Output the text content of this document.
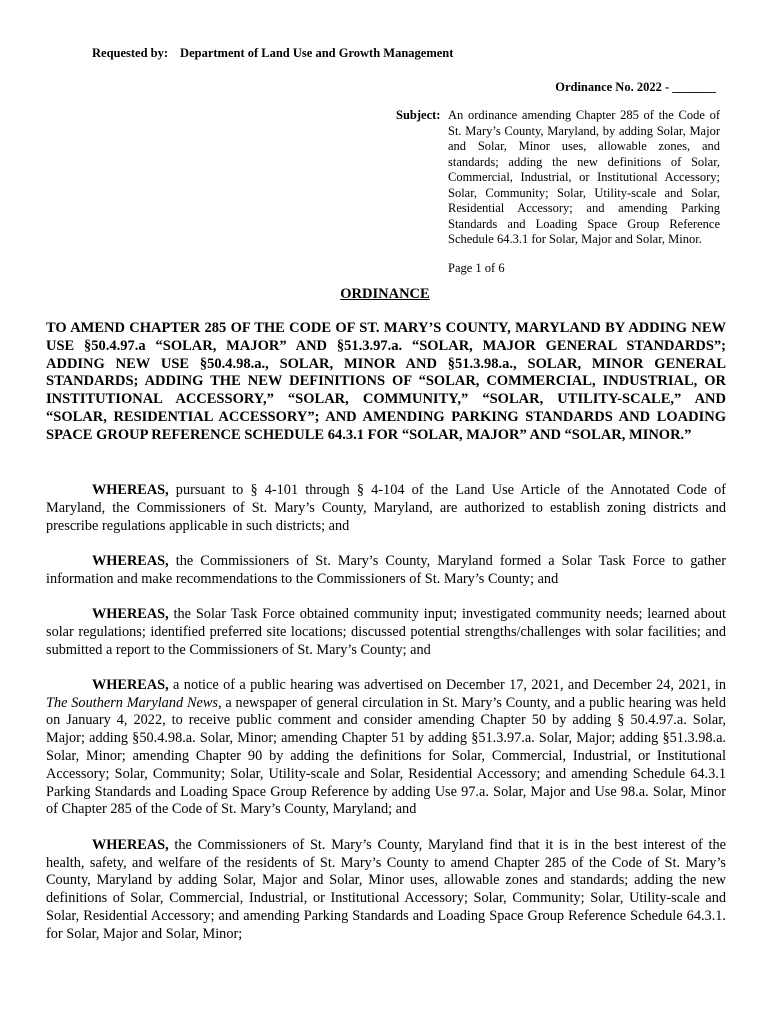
Requested by: Department of Land Use and Growth Management
Ordinance No. 2022 - _______
Subject: An ordinance amending Chapter 285 of the Code of St. Mary’s County, Maryland, by adding Solar, Major and Solar, Minor uses, allowable zones, and standards; adding the new definitions of Solar, Commercial, Industrial, or Institutional Accessory; Solar, Community; Solar, Utility-scale and Solar, Residential Accessory; and amending Parking Standards and Loading Space Group Reference Schedule 64.3.1 for Solar, Major and Solar, Minor.
Page 1 of 6
ORDINANCE
TO AMEND CHAPTER 285 OF THE CODE OF ST. MARY’S COUNTY, MARYLAND BY ADDING NEW USE §50.4.97.a “SOLAR, MAJOR” AND §51.3.97.a. “SOLAR, MAJOR GENERAL STANDARDS”; ADDING NEW USE §50.4.98.a., SOLAR, MINOR AND §51.3.98.a., SOLAR, MINOR GENERAL STANDARDS; ADDING THE NEW DEFINITIONS OF “SOLAR, COMMERCIAL, INDUSTRIAL, OR INSTITUTIONAL ACCESSORY,” “SOLAR, COMMUNITY,” “SOLAR, UTILITY-SCALE,” AND “SOLAR, RESIDENTIAL ACCESSORY”; AND AMENDING PARKING STANDARDS AND LOADING SPACE GROUP REFERENCE SCHEDULE 64.3.1 FOR “SOLAR, MAJOR” AND “SOLAR, MINOR.”

WHEREAS, pursuant to § 4-101 through § 4-104 of the Land Use Article of the Annotated Code of Maryland, the Commissioners of St. Mary’s County, Maryland, are authorized to establish zoning districts and prescribe regulations applicable in such districts; and

WHEREAS, the Commissioners of St. Mary’s County, Maryland formed a Solar Task Force to gather information and make recommendations to the Commissioners of St. Mary’s County; and

WHEREAS, the Solar Task Force obtained community input; investigated community needs; learned about solar regulations; identified preferred site locations; discussed potential strengths/challenges with solar facilities; and submitted a report to the Commissioners of St. Mary’s County; and

WHEREAS, a notice of a public hearing was advertised on December 17, 2021, and December 24, 2021, in The Southern Maryland News, a newspaper of general circulation in St. Mary’s County, and a public hearing was held on January 4, 2022, to receive public comment and consider amending Chapter 50 by adding § 50.4.97.a. Solar, Major; adding §50.4.98.a. Solar, Minor; amending Chapter 51 by adding §51.3.97.a. Solar, Major; adding §51.3.98.a. Solar, Minor; amending Chapter 90 by adding the definitions for Solar, Commercial, Industrial, or Institutional Accessory; Solar, Community; Solar, Utility-scale and Solar, Residential Accessory; and amending Schedule 64.3.1 Parking Standards and Loading Space Group Reference by adding Use 97.a. Solar, Major and Use 98.a. Solar, Minor of Chapter 285 of the Code of St. Mary’s County, Maryland; and

WHEREAS, the Commissioners of St. Mary’s County, Maryland find that it is in the best interest of the health, safety, and welfare of the residents of St. Mary’s County to amend Chapter 285 of the Code of St. Mary’s County, Maryland by adding Solar, Major and Solar, Minor uses, allowable zones and standards; adding the new definitions of Solar, Commercial, Industrial, or Institutional Accessory; Solar, Community; Solar, Utility-scale and Solar, Residential Accessory; and amending Parking Standards and Loading Space Group Reference Schedule 64.3.1. for Solar, Major and Solar, Minor;
